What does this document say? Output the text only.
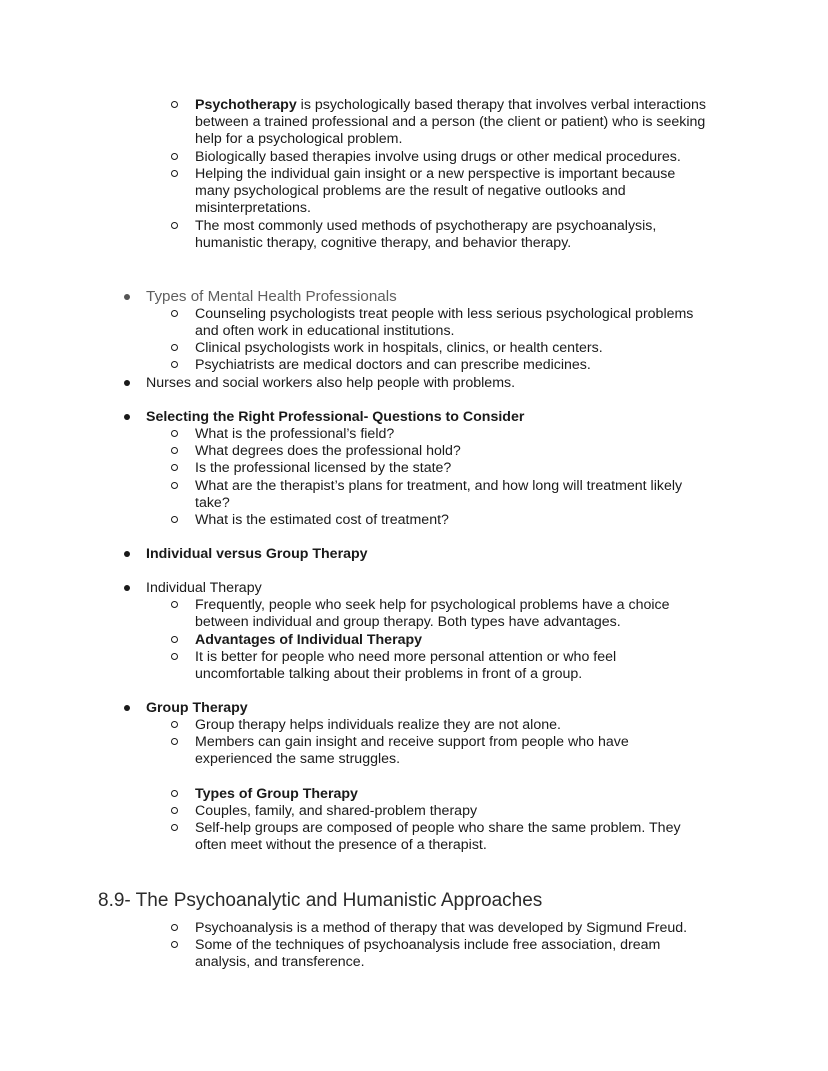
Psychotherapy is psychologically based therapy that involves verbal interactions
between a trained professional and a person (the client or patient) who is seeking
help for a psychological problem.
Biologically based therapies involve using drugs or other medical procedures.
Helping the individual gain insight or a new perspective is important because
many psychological problems are the result of negative outlooks and
misinterpretations.
The most commonly used methods of psychotherapy are psychoanalysis,
humanistic therapy, cognitive therapy, and behavior therapy.
Types of Mental Health Professionals
Counseling psychologists treat people with less serious psychological problems
and often work in educational institutions.
Clinical psychologists work in hospitals, clinics, or health centers.
Psychiatrists are medical doctors and can prescribe medicines.
Nurses and social workers also help people with problems.
Selecting the Right Professional- Questions to Consider
What is the professional’s field?
What degrees does the professional hold?
Is the professional licensed by the state?
What are the therapist’s plans for treatment, and how long will treatment likely
take?
What is the estimated cost of treatment?
Individual versus Group Therapy
Individual Therapy
Frequently, people who seek help for psychological problems have a choice
between individual and group therapy. Both types have advantages.
Advantages of Individual Therapy
It is better for people who need more personal attention or who feel
uncomfortable talking about their problems in front of a group.
Group Therapy
Group therapy helps individuals realize they are not alone.
Members can gain insight and receive support from people who have
experienced the same struggles.
Types of Group Therapy
Couples, family, and shared-problem therapy
Self-help groups are composed of people who share the same problem. They
often meet without the presence of a therapist.
8.9- The Psychoanalytic and Humanistic Approaches
Psychoanalysis is a method of therapy that was developed by Sigmund Freud.
Some of the techniques of psychoanalysis include free association, dream
analysis, and transference.
